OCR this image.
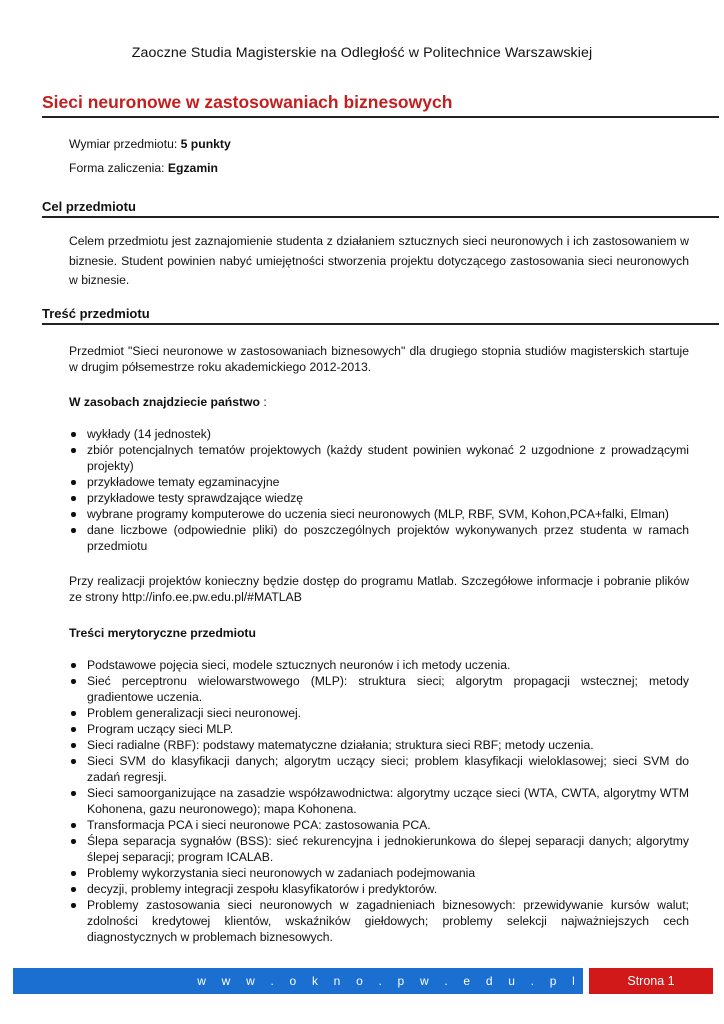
Zaoczne Studia Magisterskie na Odległość w Politechnice Warszawskiej
Sieci neuronowe w zastosowaniach biznesowych
Wymiar przedmiotu: 5 punkty
Forma zaliczenia: Egzamin
Cel przedmiotu

Celem przedmiotu jest zaznajomienie studenta z działaniem sztucznych sieci neuronowych i ich zastosowaniem w biznesie. Student powinien nabyć umiejętności stworzenia projektu dotyczącego zastosowania sieci neuronowych w biznesie.

Treść przedmiotu

Przedmiot "Sieci neuronowe w zastosowaniach biznesowych" dla drugiego stopnia studiów magisterskich startuje w drugim półsemestrze roku akademickiego 2012-2013.

W zasobach znajdziecie państwo :
wykłady (14 jednostek)
zbiór potencjalnych tematów projektowych (każdy student powinien wykonać 2 uzgodnione z prowadzącymi projekty)
przykładowe tematy egzaminacyjne
przykładowe testy sprawdzające wiedzę
wybrane programy komputerowe do uczenia sieci neuronowych (MLP, RBF, SVM, Kohon,PCA+falki, Elman)
dane liczbowe (odpowiednie pliki) do poszczególnych projektów wykonywanych przez studenta w ramach przedmiotu

Przy realizacji projektów konieczny będzie dostęp do programu Matlab. Szczegółowe informacje i pobranie plików ze strony http://info.ee.pw.edu.pl/#MATLAB

Treści merytoryczne przedmiotu
Podstawowe pojęcia sieci, modele sztucznych neuronów i ich metody uczenia.
Sieć perceptronu wielowarstwowego (MLP): struktura sieci; algorytm propagacji wstecznej; metody gradientowe uczenia.
Problem generalizacji sieci neuronowej.
Program uczący sieci MLP.
Sieci radialne (RBF): podstawy matematyczne działania; struktura sieci RBF; metody uczenia.
Sieci SVM do klasyfikacji danych; algorytm uczący sieci; problem klasyfikacji wieloklasowej; sieci SVM do zadań regresji.
Sieci samoorganizujące na zasadzie współzawodnictwa: algorytmy uczące sieci (WTA, CWTA, algorytmy WTM Kohonena, gazu neuronowego); mapa Kohonena.
Transformacja PCA i sieci neuronowe PCA: zastosowania PCA.
Ślepa separacja sygnałów (BSS): sieć rekurencyjna i jednokierunkowa do ślepej separacji danych; algorytmy ślepej separacji; program ICALAB.
Problemy wykorzystania sieci neuronowych w zadaniach podejmowania
decyzji, problemy integracji zespołu klasyfikatorów i predyktorów.
Problemy zastosowania sieci neuronowych w zagadnieniach biznesowych: przewidywanie kursów walut; zdolności kredytowej klientów, wskaźników giełdowych; problemy selekcji najważniejszych cech diagnostycznych w problemach biznesowych.
w w w . o k n o . p w . e d u . p l	Strona 1
